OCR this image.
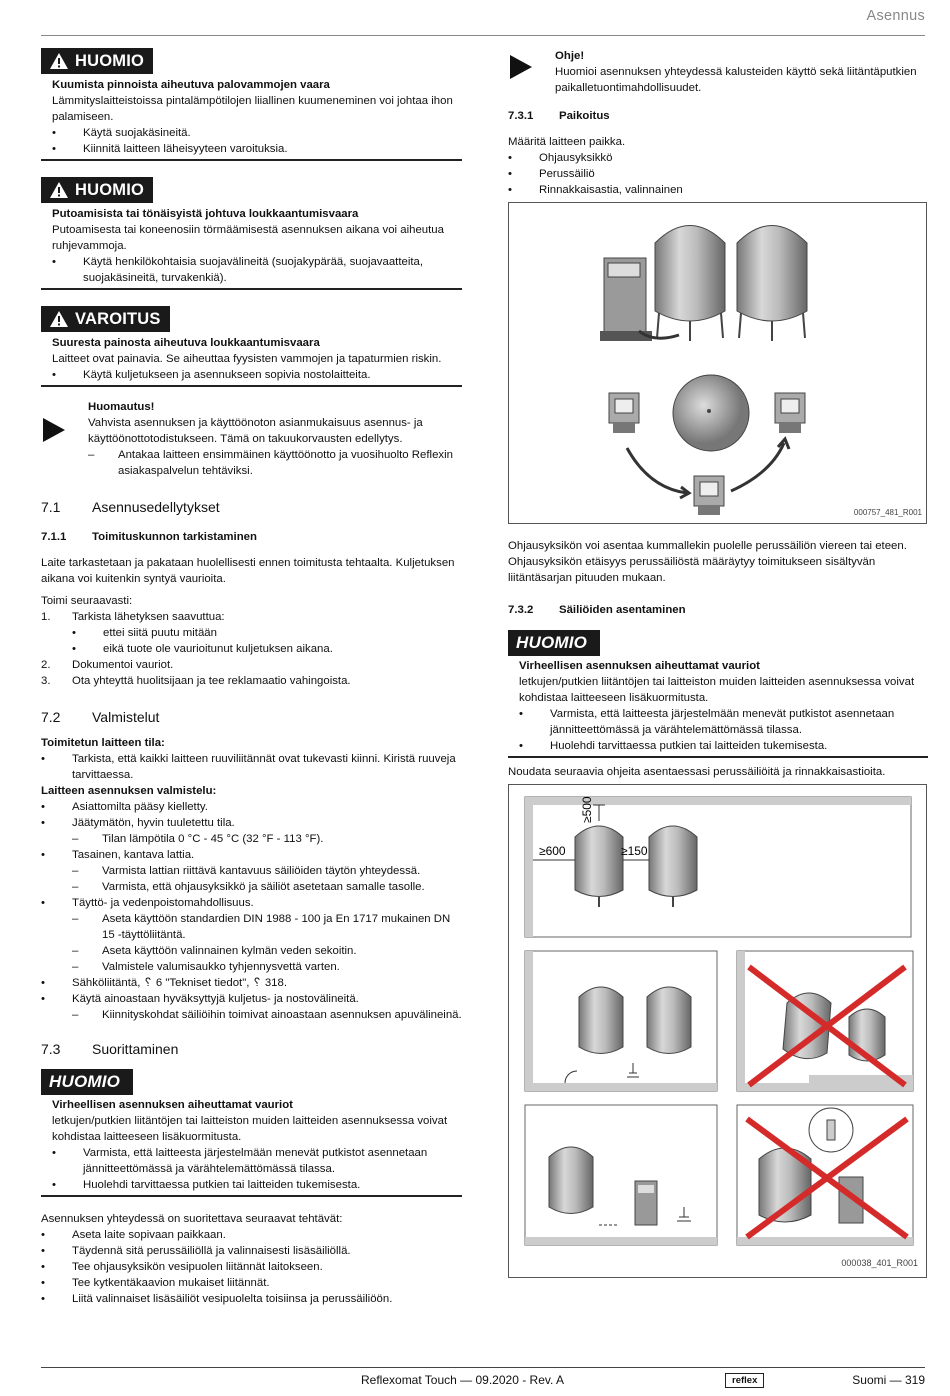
Asennus
HUOMIO
Kuumista pinnoista aiheutuva palovammojen vaara

Lämmityslaitteistoissa pintalämpötilojen liiallinen kuumeneminen voi johtaa ihon palamiseen.

• Käytä suojakäsineitä.
• Kiinnitä laitteen läheisyyteen varoituksia.
HUOMIO
Putoamisista tai tönäisyistä johtuva loukkaantumisvaara

Putoamisesta tai koneenosiin törmäämisestä asennuksen aikana voi aiheutua ruhjevammoja.

• Käytä henkilökohtaisia suojavälineitä (suojakypärää, suojavaatteita, suojakäsineitä, turvakenkiä).
VAROITUS
Suuresta painosta aiheutuva loukkaantumisvaara

Laitteet ovat painavia. Se aiheuttaa fyysisten vammojen ja tapaturmien riskin.

• Käytä kuljetukseen ja asennukseen sopivia nostolaitteita.
Huomautus!

Vahvista asennuksen ja käyttöönoton asianmukaisuus asennus- ja käyttöönottotodistukseen. Tämä on takuukorvausten edellytys.

– Antakaa laitteen ensimmäinen käyttöönotto ja vuosihuolto Reflexin asiakaspalvelun tehtäviksi.
7.1	Asennusedellytykset
7.1.1	Toimituskunnon tarkistaminen

Laite tarkastetaan ja pakataan huolellisesti ennen toimitusta tehtaalta. Kuljetuksen aikana voi kuitenkin syntyä vaurioita.

Toimi seuraavasti:

1. Tarkista lähetyksen saavuttua:
• ettei siitä puutu mitään
• eikä tuote ole vaurioitunut kuljetuksen aikana.
2. Dokumentoi vauriot.
3. Ota yhteyttä huolitsijaan ja tee reklamaatio vahingoista.
7.2	Valmistelut
Toimitetun laitteen tila:
• Tarkista, että kaikki laitteen ruuviliitännät ovat tukevasti kiinni. Kiristä ruuveja tarvittaessa.
Laitteen asennuksen valmistelu:
• Asiattomilta pääsy kielletty.
• Jäätymätön, hyvin tuuletettu tila.
– Tilan lämpötila 0 °C - 45 °C (32 °F - 113 °F).
• Tasainen, kantava lattia.
– Varmista lattian riittävä kantavuus säiliöiden täytön yhteydessä.
– Varmista, että ohjausyksikkö ja säiliöt asetetaan samalle tasolle.
• Täyttö- ja vedenpoistomahdollisuus.
– Aseta käyttöön standardien DIN 1988 - 100 ja En 1717 mukainen DN 15 -täyttöliitäntä.
– Aseta käyttöön valinnainen kylmän veden sekoitin.
– Valmistele valumisaukko tyhjennysvettä varten.
• Sähköliitäntä, ␦ 6 "Tekniset tiedot", ␦ 318.
• Käytä ainoastaan hyväksyttyjä kuljetus- ja nostovälineitä.
– Kiinnityskohdat säiliöihin toimivat ainoastaan asennuksen apuvälineinä.
7.3	Suorittaminen
HUOMIO
Virheellisen asennuksen aiheuttamat vauriot

letkujen/putkien liitäntöjen tai laitteiston muiden laitteiden asennuksessa voivat kohdistaa laitteeseen lisäkuormitusta.

• Varmista, että laitteesta järjestelmään menevät putkistot asennetaan jännitteettömässä ja värähtelemättömässä tilassa.
• Huolehdi tarvittaessa putkien tai laitteiden tukemisesta.

Asennuksen yhteydessä on suoritettava seuraavat tehtävät:

• Aseta laite sopivaan paikkaan.
• Täydennä sitä perussäiliöllä ja valinnaisesti lisäsäiliöllä.
• Tee ohjausyksikön vesipuolen liitännät laitokseen.
• Tee kytkentäkaavion mukaiset liitännät.
• Liitä valinnaiset lisäsäiliöt vesipuolelta toisiinsa ja perussäiliöön.
Ohje!

Huomioi asennuksen yhteydessä kalusteiden käyttö sekä liitäntäputkien paikalletuontimahdollisuudet.

7.3.1	Paikoitus

Määritä laitteen paikka.

• Ohjausyksikkö
• Perussäiliö
• Rinnakkaisastia, valinnainen
000757_481_R001

Ohjausyksikön voi asentaa kummallekin puolelle perussäiliön viereen tai eteen. Ohjausyksikön etäisyys perussäiliöstä määräytyy toimitukseen sisältyvän liitäntäsarjan pituuden mukaan.

7.3.2	Säiliöiden asentaminen
HUOMIO
Virheellisen asennuksen aiheuttamat vauriot

letkujen/putkien liitäntöjen tai laitteiston muiden laitteiden asennuksessa voivat kohdistaa laitteeseen lisäkuormitusta.

• Varmista, että laitteesta järjestelmään menevät putkistot asennetaan jännitteettömässä ja värähtelemättömässä tilassa.
• Huolehdi tarvittaessa putkien tai laitteiden tukemisesta.

Noudata seuraavia ohjeita asentaessasi perussäiliöitä ja rinnakkaisastioita.

≥500
≥600	≥150
000038_401_R001
Reflexomat Touch — 09.2020 - Rev. A	reflex	Suomi — 319
